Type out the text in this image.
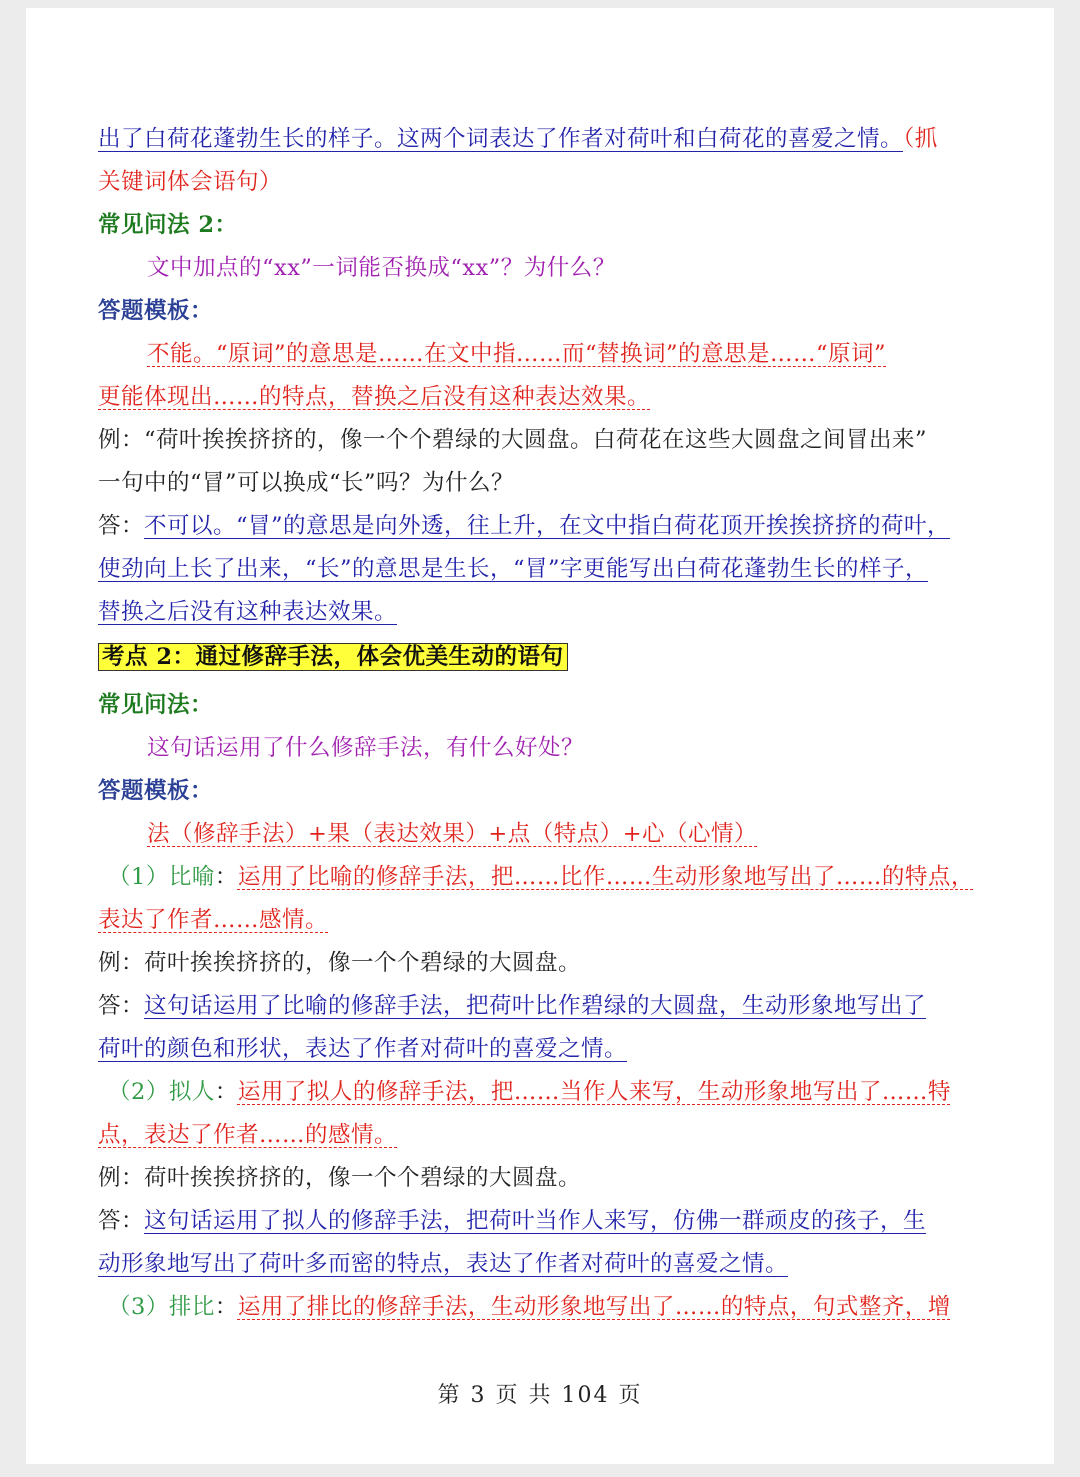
出了白荷花蓬勃生长的样子。这两个词表达了作者对荷叶和白荷花的喜爱之情。（抓
关键词体会语句）
常见问法 2：
文中加点的“xx”一词能否换成“xx”？为什么？
答题模板：
不能。“原词”的意思是……在文中指……而“替换词”的意思是……“原词”
更能体现出……的特点，替换之后没有这种表达效果。
例：“荷叶挨挨挤挤的，像一个个碧绿的大圆盘。白荷花在这些大圆盘之间冒出来”
一句中的“冒”可以换成“长”吗？为什么？
答：不可以。“冒”的意思是向外透，往上升，在文中指白荷花顶开挨挨挤挤的荷叶，
使劲向上长了出来，“长”的意思是生长，“冒”字更能写出白荷花蓬勃生长的样子，
替换之后没有这种表达效果。
考点 2：通过修辞手法，体会优美生动的语句
常见问法：
这句话运用了什么修辞手法，有什么好处？
答题模板：
法（修辞手法）+果（表达效果）+点（特点）+心（心情）
（1）比喻：运用了比喻的修辞手法，把……比作……生动形象地写出了……的特点，
表达了作者……感情。
例：荷叶挨挨挤挤的，像一个个碧绿的大圆盘。
答：这句话运用了比喻的修辞手法，把荷叶比作碧绿的大圆盘，生动形象地写出了
荷叶的颜色和形状，表达了作者对荷叶的喜爱之情。
（2）拟人：运用了拟人的修辞手法，把……当作人来写，生动形象地写出了……特
点，表达了作者……的感情。
例：荷叶挨挨挤挤的，像一个个碧绿的大圆盘。
答：这句话运用了拟人的修辞手法，把荷叶当作人来写，仿佛一群顽皮的孩子，生
动形象地写出了荷叶多而密的特点，表达了作者对荷叶的喜爱之情。
（3）排比：运用了排比的修辞手法，生动形象地写出了……的特点，句式整齐，增
第 3 页 共 104 页
